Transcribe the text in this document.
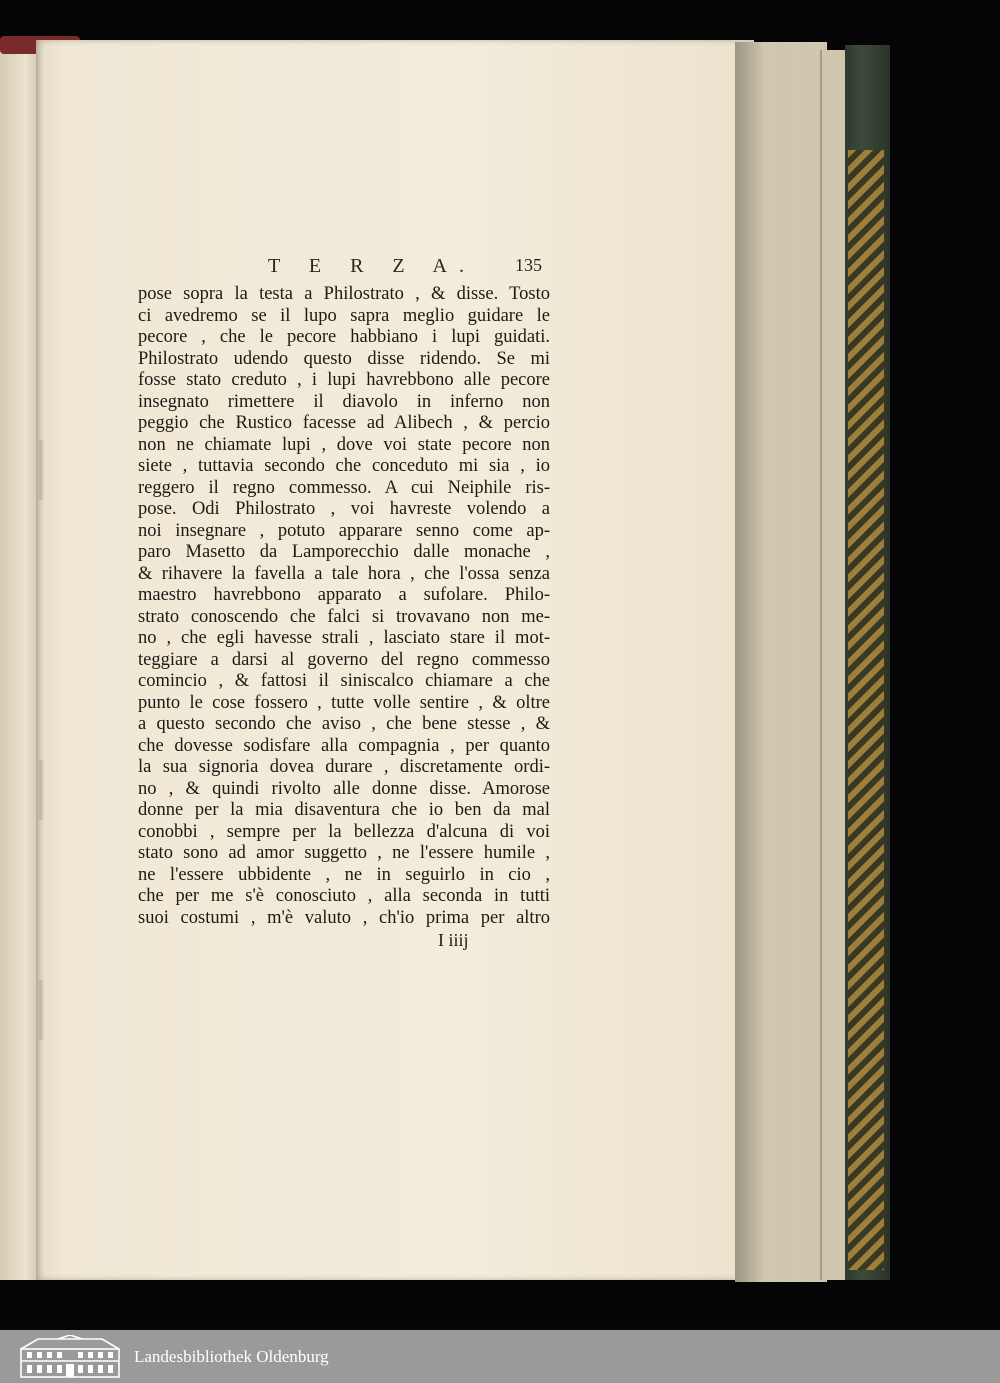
T E R Z A. 135
pose sopra la testa a Philostrato , & disse. Tosto
ci avedremo se il lupo sapra meglio guidare le
pecore , che le pecore habbiano i lupi guidati.
Philostrato udendo questo disse ridendo. Se mi
fosse stato creduto , i lupi havrebbono alle pecore
insegnato rimettere il diavolo in inferno non
peggio che Rustico facesse ad Alibech , & percio
non ne chiamate lupi , dove voi state pecore non
siete , tuttavia secondo che conceduto mi sia , io
reggero il regno commesso. A cui Neiphile ris-
pose. Odi Philostrato , voi havreste volendo a
noi insegnare , potuto apparare senno come ap-
paro Masetto da Lamporecchio dalle monache ,
& rihavere la favella a tale hora , che l'ossa senza
maestro havrebbono apparato a sufolare. Philo-
strato conoscendo che falci si trovavano non me-
no , che egli havesse strali , lasciato stare il mot-
teggiare a darsi al governo del regno commesso
comincio , & fattosi il siniscalco chiamare a che
punto le cose fossero , tutte volle sentire , & oltre
a questo secondo che aviso , che bene stesse , &
che dovesse sodisfare alla compagnia , per quanto
la sua signoria dovea durare , discretamente ordi-
no , & quindi rivolto alle donne disse. Amorose
donne per la mia disaventura che io ben da mal
conobbi , sempre per la bellezza d'alcuna di voi
stato sono ad amor suggetto , ne l'essere humile ,
ne l'essere ubbidente , ne in seguirlo in cio ,
che per me s'è conosciuto , alla seconda in tutti
suoi costumi , m'è valuto , ch'io prima per altro
I iiij
Landesbibliothek Oldenburg
